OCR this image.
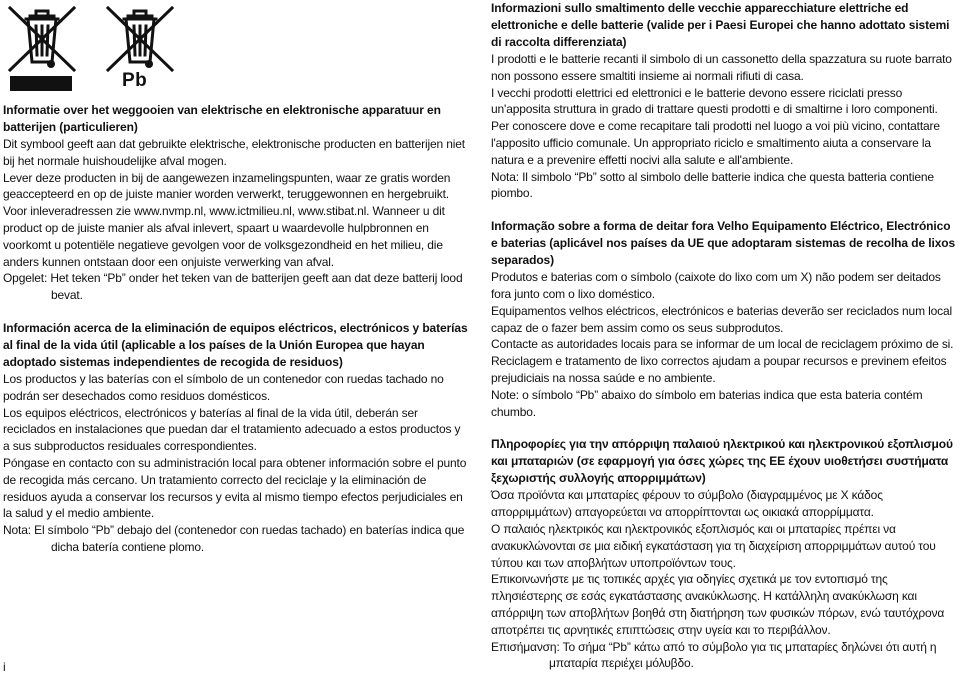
Pb
Informatie over het weggooien van elektrische en elektronische apparatuur en batterijen (particulieren)

Dit symbool geeft aan dat gebruikte elektrische, elektronische producten en batterijen niet bij het normale huishoudelijke afval mogen.

Lever deze producten in bij de aangewezen inzamelingspunten, waar ze gratis worden geaccepteerd en op de juiste manier worden verwerkt, teruggewonnen en hergebruikt.

Voor inleveradressen zie www.nvmp.nl, www.ictmilieu.nl, www.stibat.nl. Wanneer u dit product op de juiste manier als afval inlevert, spaart u waardevolle hulpbronnen en voorkomt u potentiële negatieve gevolgen voor de volksgezondheid en het milieu, die anders kunnen ontstaan door een onjuiste verwerking van afval.

Opgelet: Het teken “Pb” onder het teken van de batterijen geeft aan dat deze batterij lood bevat.

Información acerca de la eliminación de equipos eléctricos, electrónicos y baterías al final de la vida útil (aplicable a los países de la Unión Europea que hayan adoptado sistemas independientes de recogida de residuos)

Los productos y las baterías con el símbolo de un contenedor con ruedas tachado no podrán ser desechados como residuos domésticos.

Los equipos eléctricos, electrónicos y baterías al final de la vida útil, deberán ser reciclados en instalaciones que puedan dar el tratamiento adecuado a estos productos y a sus subproductos residuales correspondientes.

Póngase en contacto con su administración local para obtener información sobre el punto de recogida más cercano. Un tratamiento correcto del reciclaje y la eliminación de residuos ayuda a conservar los recursos y evita al mismo tiempo efectos perjudiciales en la salud y el medio ambiente.

Nota: El símbolo “Pb” debajo del (contenedor con ruedas tachado) en baterías indica que dicha batería contiene plomo.

Informazioni sullo smaltimento delle vecchie apparecchiature elettriche ed elettroniche e delle batterie (valide per i Paesi Europei che hanno adottato sistemi di raccolta differenziata)

I prodotti e le batterie recanti il simbolo di un cassonetto della spazzatura su ruote barrato non possono essere smaltiti insieme ai normali rifiuti di casa.

I vecchi prodotti elettrici ed elettronici e le batterie devono essere riciclati presso un'apposita struttura in grado di trattare questi prodotti e di smaltirne i loro componenti.

Per conoscere dove e come recapitare tali prodotti nel luogo a voi più vicino, contattare l'apposito ufficio comunale. Un appropriato riciclo e smaltimento aiuta a conservare la natura e a prevenire effetti nocivi alla salute e all'ambiente.

Nota: Il simbolo “Pb” sotto al simbolo delle batterie indica che questa batteria contiene piombo.

Informação sobre a forma de deitar fora Velho Equipamento Eléctrico, Electrónico e baterias (aplicável nos países da UE que adoptaram sistemas de recolha de lixos separados)

Produtos e baterias com o símbolo (caixote do lixo com um X) não podem ser deitados fora junto com o lixo doméstico.

Equipamentos velhos eléctricos, electrónicos e baterias deverão ser reciclados num local capaz de o fazer bem assim como os seus subprodutos.

Contacte as autoridades locais para se informar de um local de reciclagem próximo de si. Reciclagem e tratamento de lixo correctos ajudam a poupar recursos e previnem efeitos prejudiciais na nossa saúde e no ambiente.

Note: o símbolo “Pb” abaixo do símbolo em baterias indica que esta bateria contém chumbo.

Πληροφορίες για την απόρριψη παλαιού ηλεκτρικού και ηλεκτρονικού εξοπλισμού και μπαταριών (σε εφαρμογή για όσες χώρες της ΕΕ έχουν υιοθετήσει συστήματα ξεχωριστής συλλογής απορριμμάτων)

Όσα προϊόντα και μπαταρίες φέρουν το σύμβολο (διαγραμμένος με Χ κάδος απορριμμάτων) απαγορεύεται να απορρίπτονται ως οικιακά απορρίμματα.

Ο παλαιός ηλεκτρικός και ηλεκτρονικός εξοπλισμός και οι μπαταρίες πρέπει να ανακυκλώνονται σε μια ειδική εγκατάσταση για τη διαχείριση απορριμμάτων αυτού του τύπου και των αποβλήτων υποπροϊόντων τους.

Επικοινωνήστε με τις τοπικές αρχές για οδηγίες σχετικά με τον εντοπισμό της πλησιέστερης σε εσάς εγκατάστασης ανακύκλωσης. Η κατάλληλη ανακύκλωση και απόρριψη των αποβλήτων βοηθά στη διατήρηση των φυσικών πόρων, ενώ ταυτόχρονα αποτρέπει τις αρνητικές επιπτώσεις στην υγεία και το περιβάλλον.

Επισήμανση: Το σήμα “Pb” κάτω από το σύμβολο για τις μπαταρίες δηλώνει ότι αυτή η μπαταρία περιέχει μόλυβδο.

i
